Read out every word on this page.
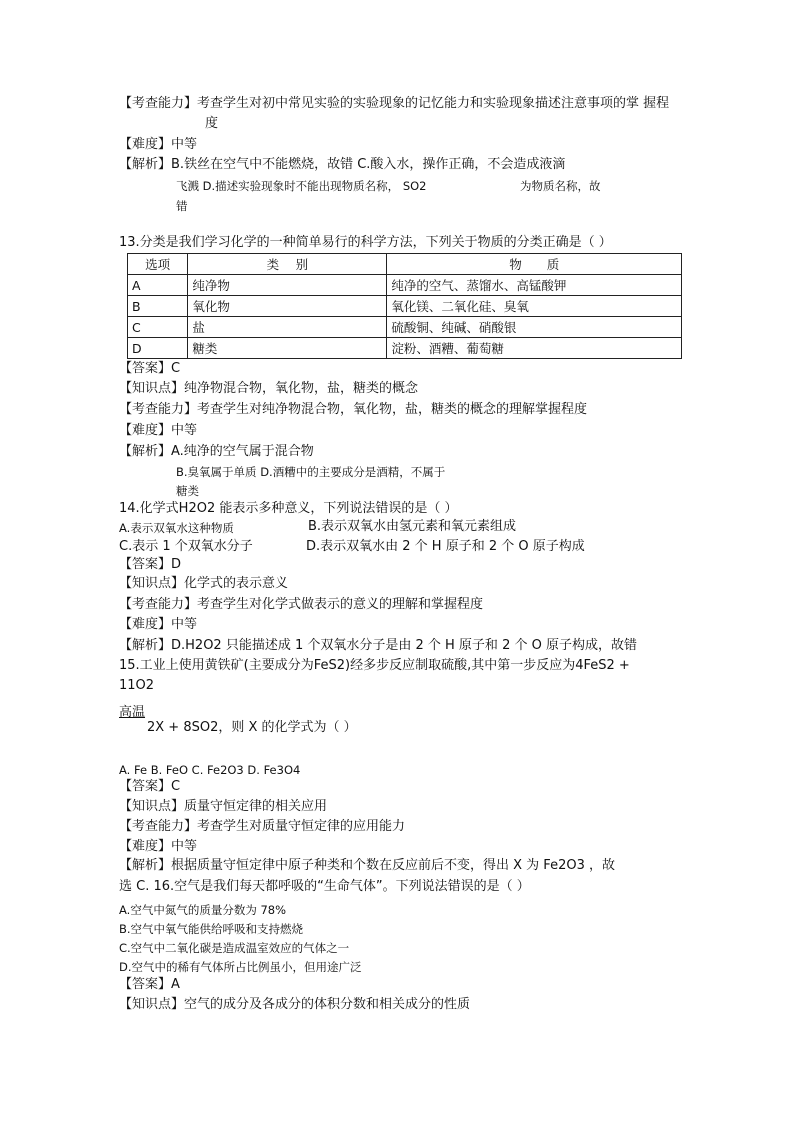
【考查能力】考查学生对初中常见实验的实验现象的记忆能力和实验现象描述注意事项的掌 握程
度
【难度】中等
【解析】B.铁丝在空气中不能燃烧，故错 C.酸入水，操作正确，不会造成液滴
飞溅 D.描述实验现象时不能出现物质名称， SO2	为物质名称，故
错
13.分类是我们学习化学的一种简单易行的科学方法，下列关于物质的分类正确是（ ）
选项	类　 别	物　　质
A	纯净物	纯净的空气、蒸馏水、高锰酸钾
B	氧化物	氧化镁、二氧化硅、臭氧
C	盐	硫酸铜、纯碱、硝酸银
D	糖类	淀粉、酒糟、葡萄糖
【答案】C
【知识点】纯净物混合物，氧化物，盐，糖类的概念
【考查能力】考查学生对纯净物混合物，氧化物，盐，糖类的概念的理解掌握程度
【难度】中等
【解析】A.纯净的空气属于混合物
B.臭氧属于单质 D.酒糟中的主要成分是酒精，不属于
糖类
14.化学式H2O2 能表示多种意义，下列说法错误的是（ ）
A.表示双氧水这种物质	B.表示双氧水由氢元素和氧元素组成
C.表示 1 个双氧水分子	D.表示双氧水由 2 个 H 原子和 2 个 O 原子构成
【答案】D
【知识点】化学式的表示意义
【考查能力】考查学生对化学式做表示的意义的理解和掌握程度
【难度】中等
【解析】D.H2O2 只能描述成 1 个双氧水分子是由 2 个 H 原子和 2 个 O 原子构成，故错
15.工业上使用黄铁矿(主要成分为FeS2)经多步反应制取硫酸,其中第一步反应为4FeS2 +
11O2
高温
2X + 8SO2，则 X 的化学式为（ ）
A. Fe B. FeO C. Fe2O3 D. Fe3O4
【答案】C
【知识点】质量守恒定律的相关应用
【考查能力】考查学生对质量守恒定律的应用能力
【难度】中等
【解析】根据质量守恒定律中原子种类和个数在反应前后不变，得出 X 为 Fe2O3 ，故
选 C. 16.空气是我们每天都呼吸的“生命气体”。下列说法错误的是（ ）
A.空气中氮气的质量分数为 78%
B.空气中氧气能供给呼吸和支持燃烧
C.空气中二氧化碳是造成温室效应的气体之一
D.空气中的稀有气体所占比例虽小，但用途广泛
【答案】A
【知识点】空气的成分及各成分的体积分数和相关成分的性质
